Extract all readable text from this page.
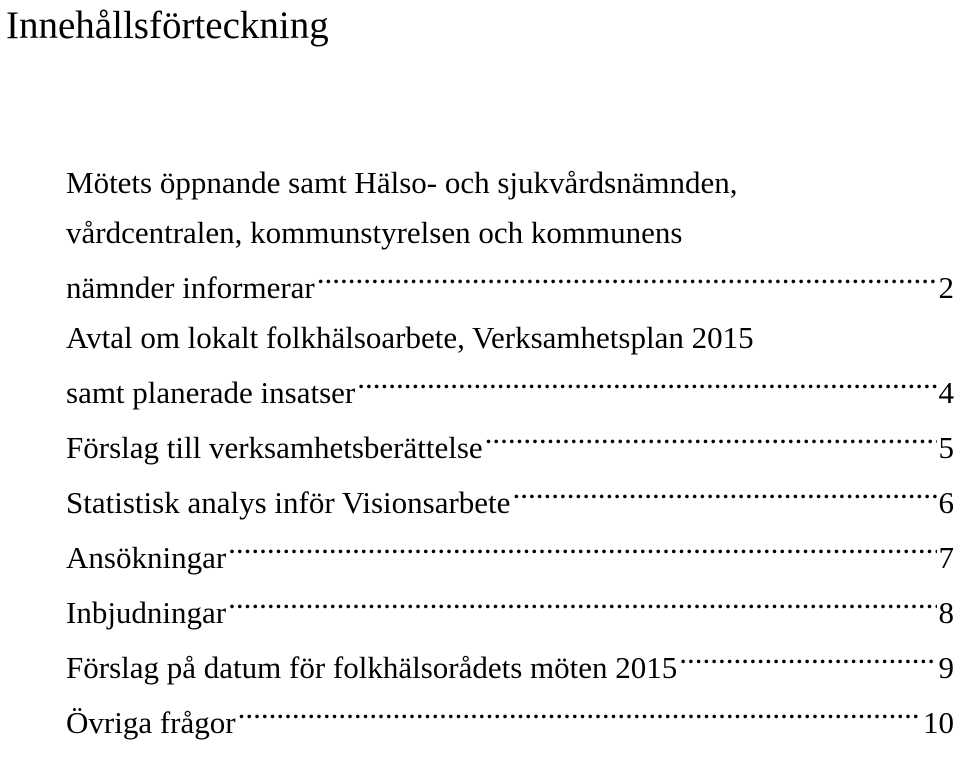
Innehållsförteckning
Mötets öppnande samt Hälso- och sjukvårdsnämnden,
vårdcentralen, kommunstyrelsen och kommunens
nämnder informerar .....	2
Avtal om lokalt folkhälsoarbete, Verksamhetsplan 2015
samt planerade insatser .....	4
Förslag till verksamhetsberättelse .....	5
Statistisk analys inför Visionsarbete .....	6
Ansökningar .....	7
Inbjudningar .....	8
Förslag på datum för folkhälsorådets möten 2015 .....	9
Övriga frågor .....	10
